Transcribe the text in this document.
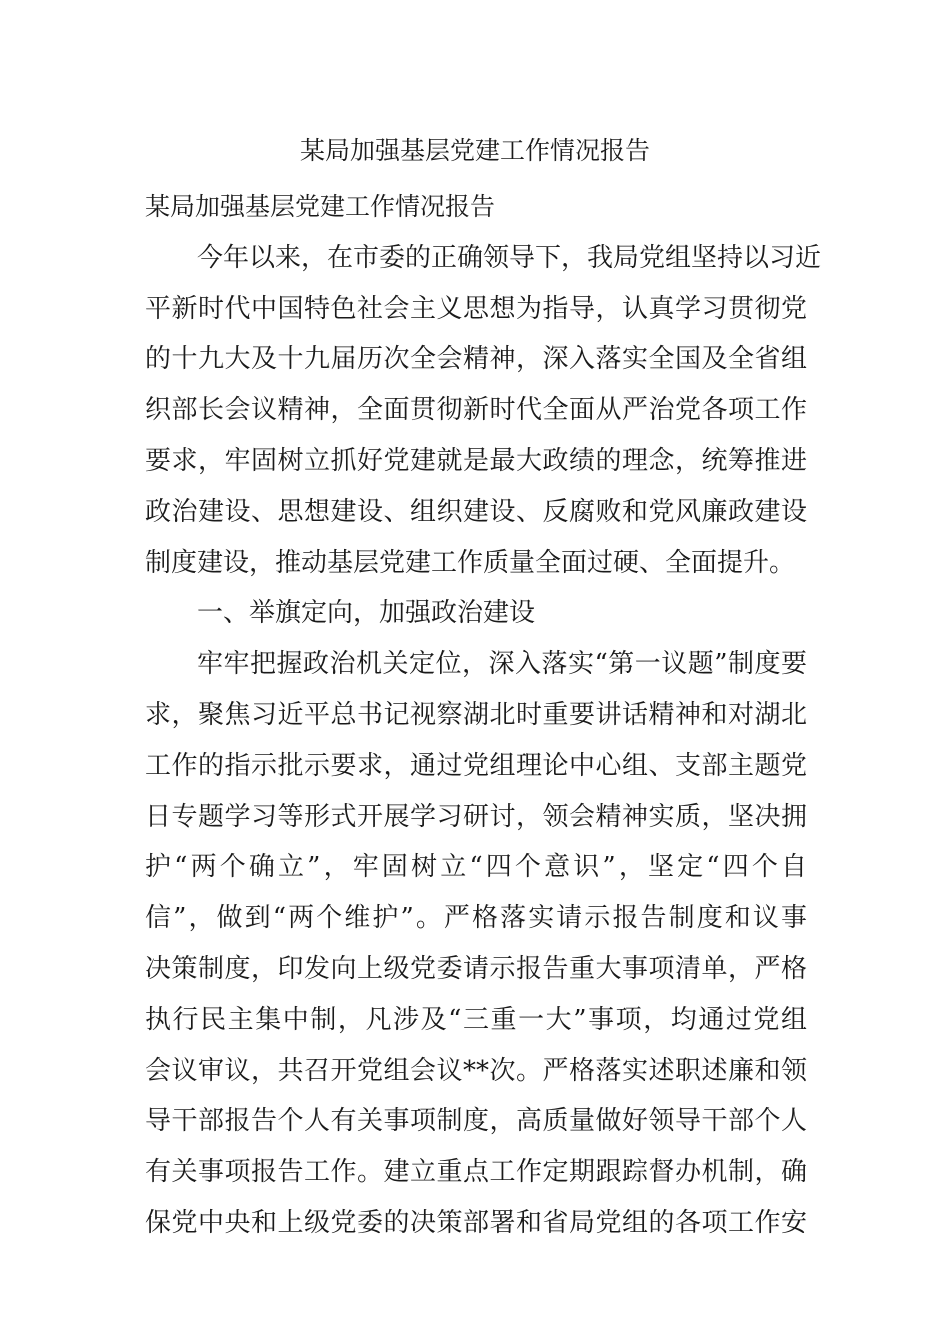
某局加强基层党建工作情况报告
某局加强基层党建工作情况报告
今年以来，在市委的正确领导下，我局党组坚持以习近
平新时代中国特色社会主义思想为指导，认真学习贯彻党
的十九大及十九届历次全会精神，深入落实全国及全省组
织部长会议精神，全面贯彻新时代全面从严治党各项工作
要求，牢固树立抓好党建就是最大政绩的理念，统筹推进
政治建设、思想建设、组织建设、反腐败和党风廉政建设
制度建设，推动基层党建工作质量全面过硬、全面提升。
一、举旗定向，加强政治建设
牢牢把握政治机关定位，深入落实“第一议题”制度要
求，聚焦习近平总书记视察湖北时重要讲话精神和对湖北
工作的指示批示要求，通过党组理论中心组、支部主题党
日专题学习等形式开展学习研讨，领会精神实质，坚决拥
护“两个确立”，牢固树立“四个意识”，坚定“四个自
信”，做到“两个维护”。严格落实请示报告制度和议事
决策制度，印发向上级党委请示报告重大事项清单，严格
执行民主集中制，凡涉及“三重一大”事项，均通过党组
会议审议，共召开党组会议**次。严格落实述职述廉和领
导干部报告个人有关事项制度，高质量做好领导干部个人
有关事项报告工作。建立重点工作定期跟踪督办机制，确
保党中央和上级党委的决策部署和省局党组的各项工作安
